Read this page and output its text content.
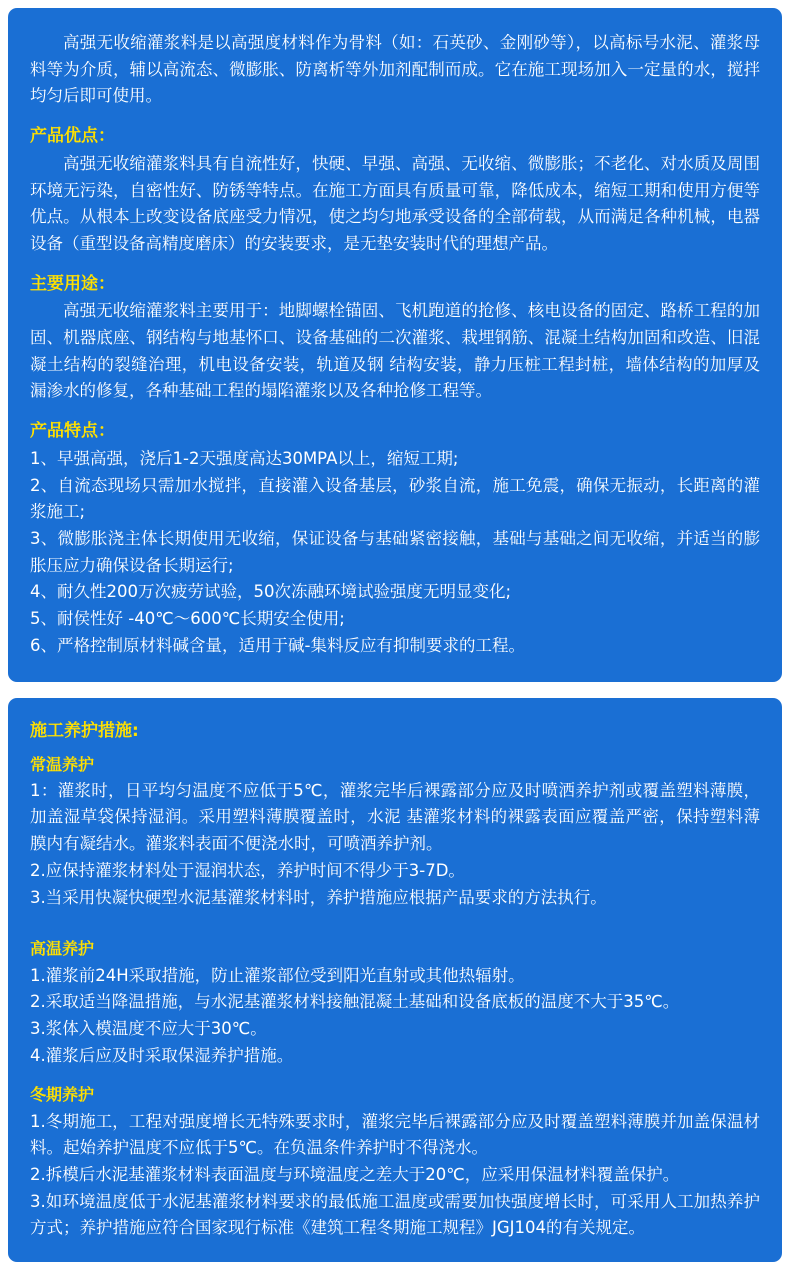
高强无收缩灌浆料是以高强度材料作为骨料（如：石英砂、金刚砂等），以高标号水泥、灌浆母料等为介质，辅以高流态、微膨胀、防离析等外加剂配制而成。它在施工现场加入一定量的水，搅拌均匀后即可使用。

产品优点：

高强无收缩灌浆料具有自流性好，快硬、早强、高强、无收缩、微膨胀；不老化、对水质及周围环境无污染，自密性好、防锈等特点。在施工方面具有质量可靠，降低成本，缩短工期和使用方便等优点。从根本上改变设备底座受力情况，使之均匀地承受设备的全部荷载，从而满足各种机械，电器设备（重型设备高精度磨床）的安装要求，是无垫安装时代的理想产品。

主要用途：

高强无收缩灌浆料主要用于：地脚螺栓锚固、飞机跑道的抢修、核电设备的固定、路桥工程的加固、机器底座、钢结构与地基怀口、设备基础的二次灌浆、栽埋钢筋、混凝土结构加固和改造、旧混凝土结构的裂缝治理，机电设备安装，轨道及钢 结构安装，静力压桩工程封桩，墙体结构的加厚及漏渗水的修复，各种基础工程的塌陷灌浆以及各种抢修工程等。

产品特点：
1、早强高强，浇后1-2天强度高达30MPA以上，缩短工期;
2、自流态现场只需加水搅拌，直接灌入设备基层，砂浆自流，施工免震，确保无振动，长距离的灌浆施工;
3、微膨胀浇主体长期使用无收缩，保证设备与基础紧密接触，基础与基础之间无收缩，并适当的膨胀压应力确保设备长期运行;
4、耐久性200万次疲劳试验，50次冻融环境试验强度无明显变化;
5、耐侯性好 -40℃～600℃长期安全使用;
6、严格控制原材料碱含量，适用于碱-集料反应有抑制要求的工程。
施工养护措施:
常温养护
1：灌浆时，日平均匀温度不应低于5℃，灌浆完毕后裸露部分应及时喷洒养护剂或覆盖塑料薄膜，加盖湿草袋保持湿润。采用塑料薄膜覆盖时，水泥 基灌浆材料的裸露表面应覆盖严密，保持塑料薄膜内有凝结水。灌浆料表面不便浇水时，可喷酒养护剂。
2.应保持灌浆材料处于湿润状态，养护时间不得少于3-7D。
3.当采用快凝快硬型水泥基灌浆材料时，养护措施应根据产品要求的方法执行。
高温养护
1.灌浆前24H采取措施，防止灌浆部位受到阳光直射或其他热辐射。
2.采取适当降温措施，与水泥基灌浆材料接触混凝土基础和设备底板的温度不大于35℃。
3.浆体入模温度不应大于30℃。
4.灌浆后应及时采取保湿养护措施。
冬期养护
1.冬期施工，工程对强度增长无特殊要求时，灌浆完毕后裸露部分应及时覆盖塑料薄膜并加盖保温材料。起始养护温度不应低于5℃。在负温条件养护时不得浇水。
2.拆模后水泥基灌浆材料表面温度与环境温度之差大于20℃，应采用保温材料覆盖保护。
3.如环境温度低于水泥基灌浆材料要求的最低施工温度或需要加快强度增长时，可采用人工加热养护方式；养护措施应符合国家现行标准《建筑工程冬期施工规程》JGJ104的有关规定。
